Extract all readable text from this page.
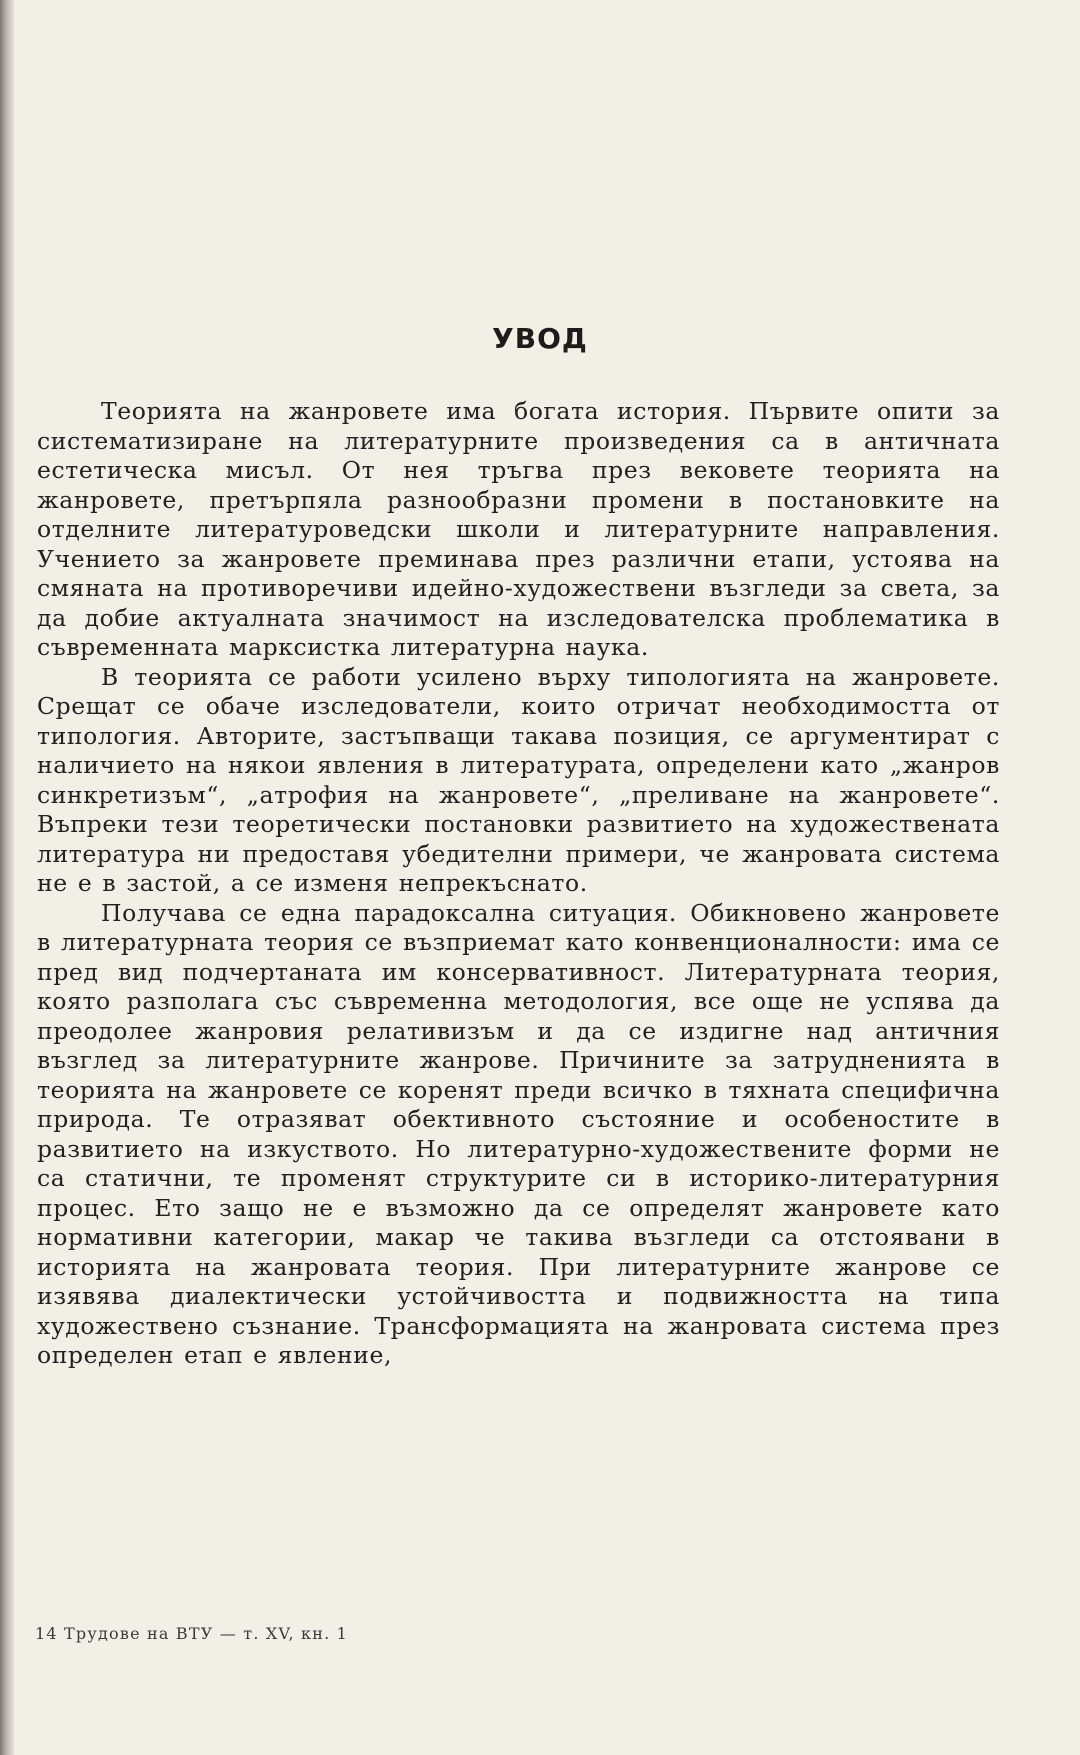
УВОД

Теорията на жанровете има богата история. Първите опити за систематизиране на литературните произведения са в античната естетическа мисъл. От нея тръгва през вековете теорията на жанровете, претърпяла разнообразни промени в постановките на отделните литературоведски школи и литературните направления. Учението за жанровете преминава през различни етапи, устоява на смяната на противоречиви идейно-художествени възгледи за света, за да добие актуалната значимост на изследователска проблематика в съвременната марксистка литературна наука.

В теорията се работи усилено върху типологията на жанровете. Срещат се обаче изследователи, които отричат необходимостта от типология. Авторите, застъпващи такава позиция, се аргументират с наличието на някои явления в литературата, определени като „жанров синкретизъм“, „атрофия на жанровете“, „преливане на жанровете“. Въпреки тези теоретически постановки развитието на художествената литература ни предоставя убедителни примери, че жанровата система не е в застой, а се изменя непрекъснато.

Получава се една парадоксална ситуация. Обикновено жанровете в литературната теория се възприемат като конвенционалности: има се пред вид подчертаната им консервативност. Литературната теория, която разполага със съвременна методология, все още не успява да преодолее жанровия релативизъм и да се издигне над античния възглед за литературните жанрове. Причините за затрудненията в теорията на жанровете се коренят преди всичко в тяхната специфична природа. Те отразяват обективното състояние и особеностите в развитието на изкуството. Но литературно-художествените форми не са статични, те променят структурите си в историко-литературния процес. Ето защо не е възможно да се определят жанровете като нормативни категории, макар че такива възгледи са отстоявани в историята на жанровата теория. При литературните жанрове се изявява диалектически устойчивостта и подвижността на типа художествено съзнание. Трансформацията на жанровата система през определен етап е явление,

14 Трудове на ВТУ — т. XV, кн. 1
